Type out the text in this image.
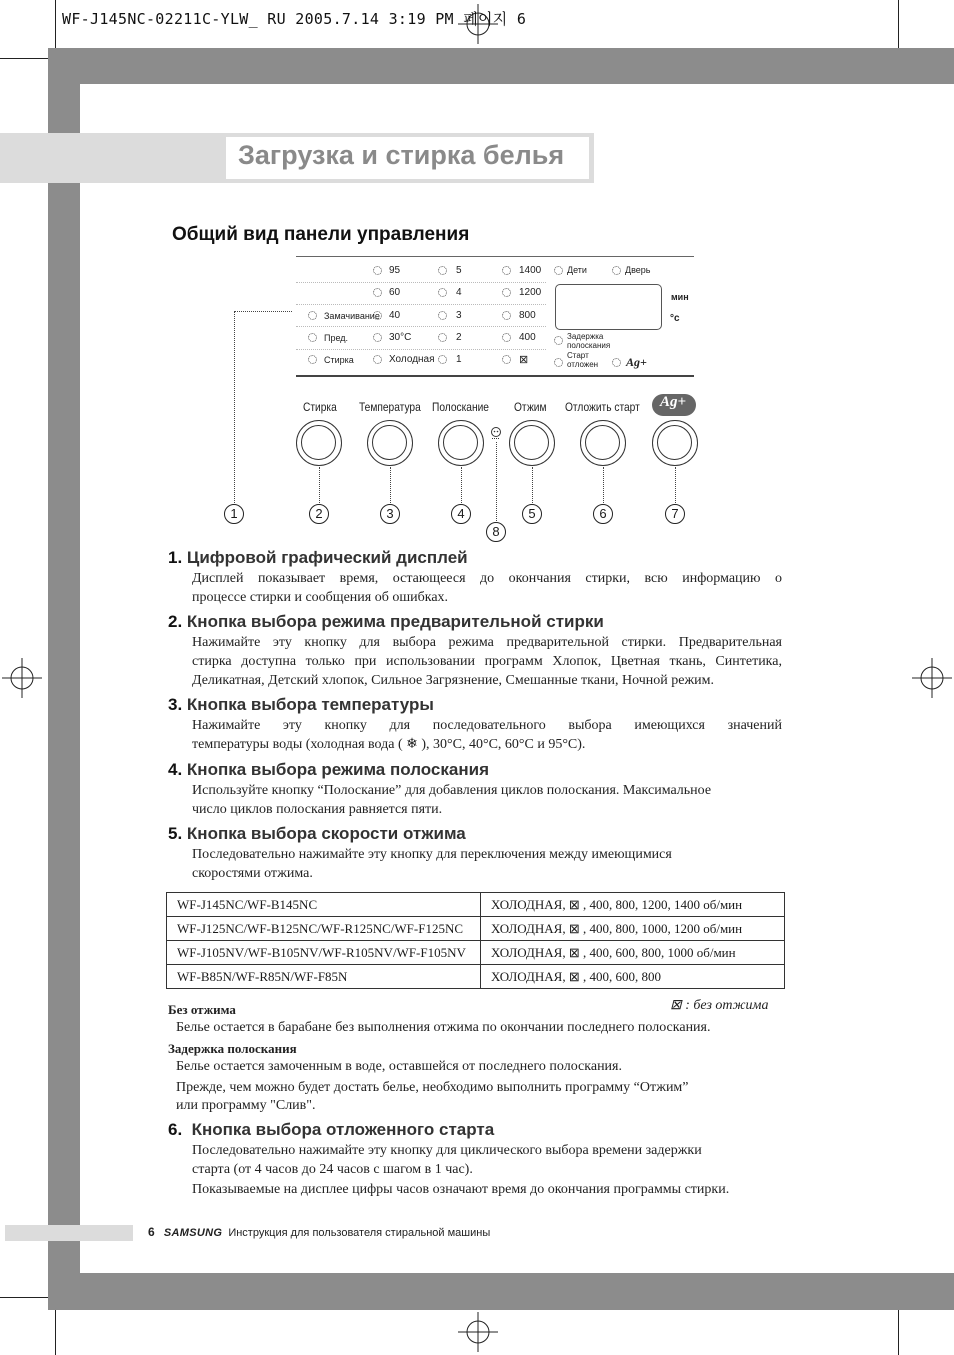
WF-J145NC-02211C-YLW_ RU 2005.7.14 3:19 PM 페이지 6
Загрузка и стирка белья
Общий вид панели управления
95
60
40
30°C
Холодная
5
4
3
2
1
1400
1200
800
400
⊠
Замачивание
Пред.
Стирка
Дети	Дверь
мин
°c
Задержка
полоскания
Старт
отложен Ag+
Стирка Температура Полоскание Отжим Отложить старт Ag+
1	2	3	4	5	6	7
8
1. Цифровой графический дисплей
Дисплей показывает время, остающееся до окончания стирки, всю информацию о
процессе стирки и сообщения об ошибках.
2. Кнопка выбора режима предварительной стирки
Нажимайте эту кнопку для выбора режима предварительной стирки. Предварительная
стирка доступна только при использовании программ Хлопок, Цветная ткань, Синтетика,
Деликатная, Детский хлопок, Сильное Загрязнение, Смешанные ткани, Ночной режим.
3. Кнопка выбора температуры
Нажимайте эту кнопку для последовательного выбора имеющихся значений
температуры воды (холодная вода ( ❄ ), 30°C, 40°C, 60°C и 95°C).
4. Кнопка выбора режима полоскания
Используйте кнопку “Полоскание” для добавления циклов полоскания. Максимальное
число циклов полоскания равняется пяти.
5. Кнопка выбора скорости отжима
Последовательно нажимайте эту кнопку для переключения между имеющимися
скоростями отжима.
WF-J145NC/WF-B145NC	ХОЛОДНАЯ, ⊠ , 400, 800, 1200, 1400 об/мин
WF-J125NC/WF-B125NC/WF-R125NC/WF-F125NC	ХОЛОДНАЯ, ⊠ , 400, 800, 1000, 1200 об/мин
WF-J105NV/WF-B105NV/WF-R105NV/WF-F105NV	ХОЛОДНАЯ, ⊠ , 400, 600, 800, 1000 об/мин
WF-B85N/WF-R85N/WF-F85N	ХОЛОДНАЯ, ⊠ , 400, 600, 800
⊠ : без отжима
Без отжима
Белье остается в барабане без выполнения отжима по окончании последнего полоскания.
Задержка полоскания
Белье остается замоченным в воде, оставшейся от последнего полоскания.
Прежде, чем можно будет достать белье, необходимо выполнить программу “Отжим”
или программу "Слив".
6. Кнопка выбора отложенного старта
Последовательно нажимайте эту кнопку для циклического выбора времени задержки
старта (от 4 часов до 24 часов с шагом в 1 час).
Показываемые на дисплее цифры часов означают время до окончания программы стирки.
6 SAMSUNG Инструкция для пользователя стиральной машины
